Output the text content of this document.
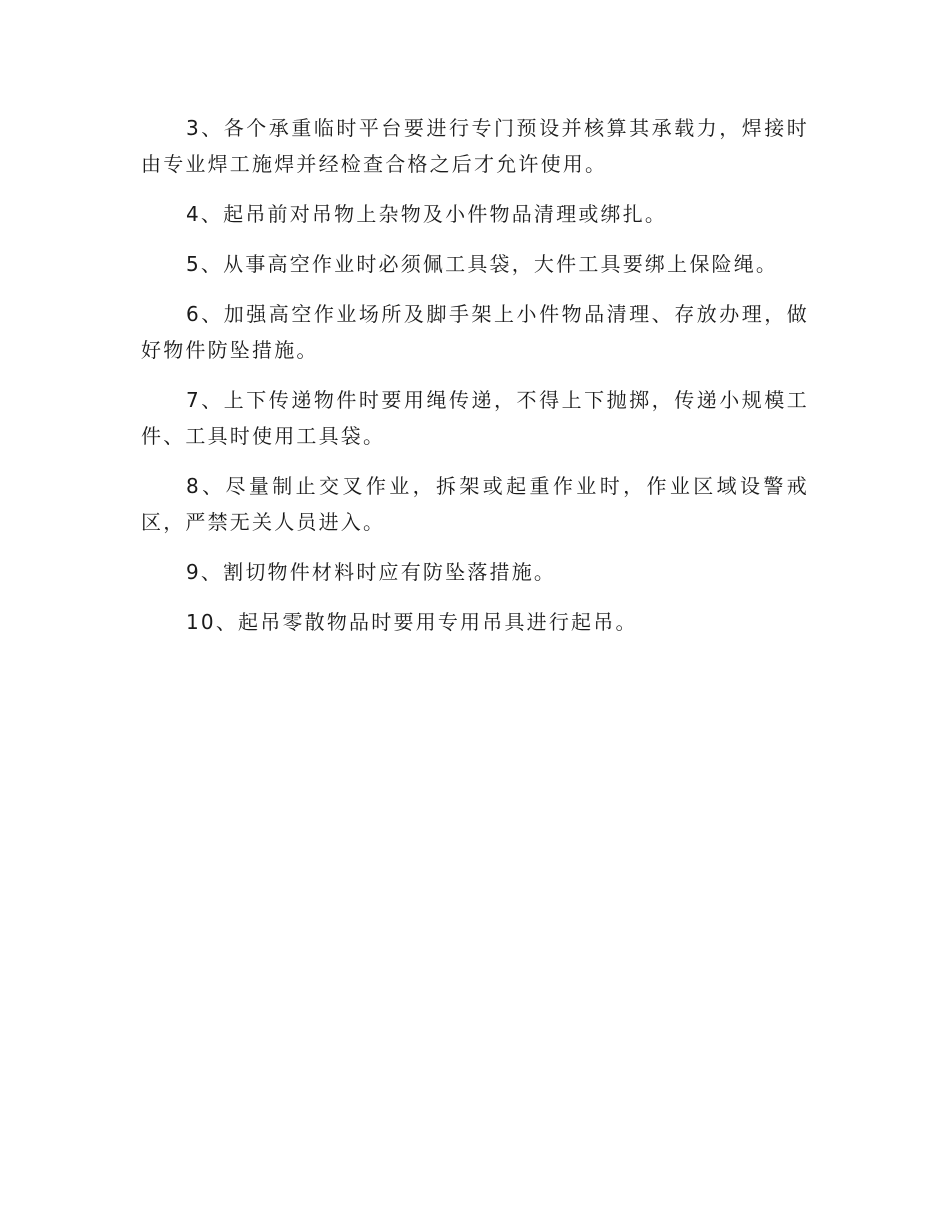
3、各个承重临时平台要进行专门预设并核算其承载力，焊接时由专业焊工施焊并经检查合格之后才允许使用。

4、起吊前对吊物上杂物及小件物品清理或绑扎。

5、从事高空作业时必须佩工具袋，大件工具要绑上保险绳。

6、加强高空作业场所及脚手架上小件物品清理、存放办理，做好物件防坠措施。

7、上下传递物件时要用绳传递，不得上下抛掷，传递小规模工件、工具时使用工具袋。

8、尽量制止交叉作业，拆架或起重作业时，作业区域设警戒区，严禁无关人员进入。

9、割切物件材料时应有防坠落措施。

10、起吊零散物品时要用专用吊具进行起吊。
